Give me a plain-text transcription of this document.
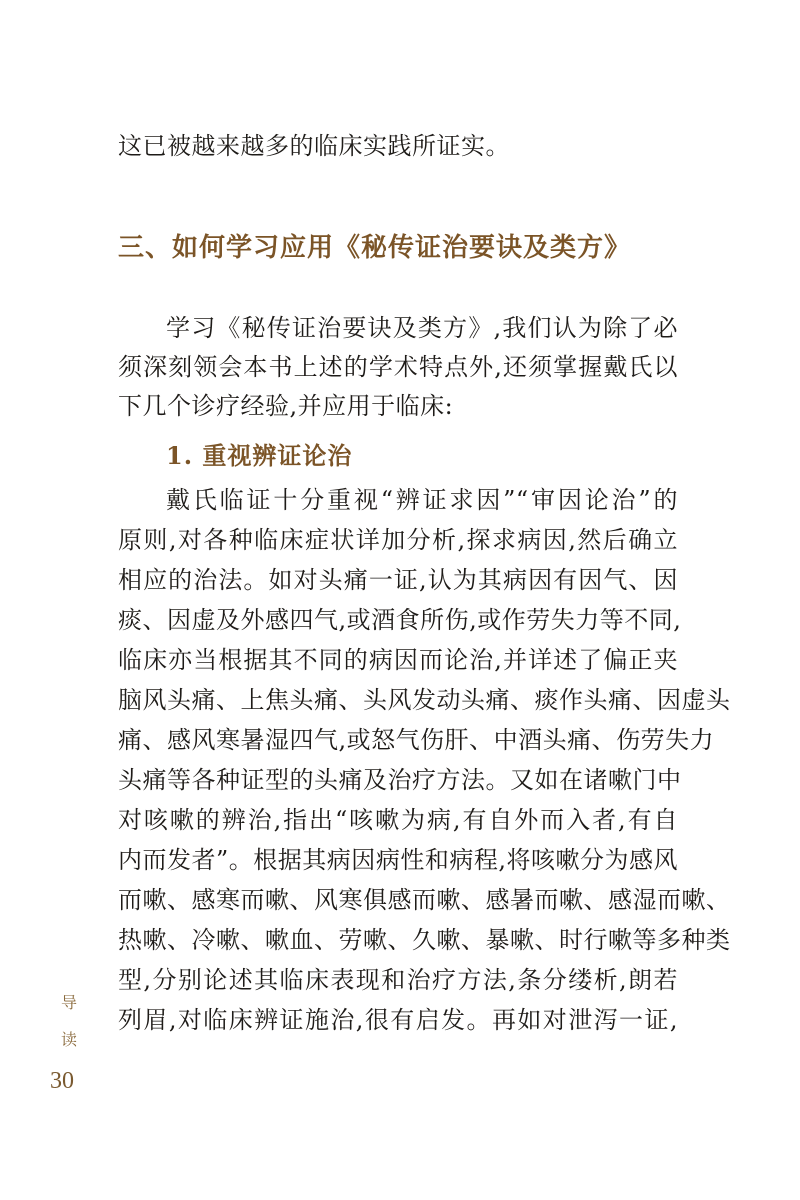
这已被越来越多的临床实践所证实。
三、如何学习应用《秘传证治要诀及类方》
学习《秘传证治要诀及类方》,我们认为除了必
须深刻领会本书上述的学术特点外,还须掌握戴氏以
下几个诊疗经验,并应用于临床:
1. 重视辨证论治
戴氏临证十分重视“辨证求因”“审因论治”的
原则,对各种临床症状详加分析,探求病因,然后确立
相应的治法。如对头痛一证,认为其病因有因气、因
痰、因虚及外感四气,或酒食所伤,或作劳失力等不同,
临床亦当根据其不同的病因而论治,并详述了偏正夹
脑风头痛、上焦头痛、头风发动头痛、痰作头痛、因虚头
痛、感风寒暑湿四气,或怒气伤肝、中酒头痛、伤劳失力
头痛等各种证型的头痛及治疗方法。又如在诸嗽门中
对咳嗽的辨治,指出“咳嗽为病,有自外而入者,有自
内而发者”。根据其病因病性和病程,将咳嗽分为感风
而嗽、感寒而嗽、风寒俱感而嗽、感暑而嗽、感湿而嗽、
热嗽、冷嗽、嗽血、劳嗽、久嗽、暴嗽、时行嗽等多种类
型,分别论述其临床表现和治疗方法,条分缕析,朗若
列眉,对临床辨证施治,很有启发。再如对泄泻一证,
导
读
30
